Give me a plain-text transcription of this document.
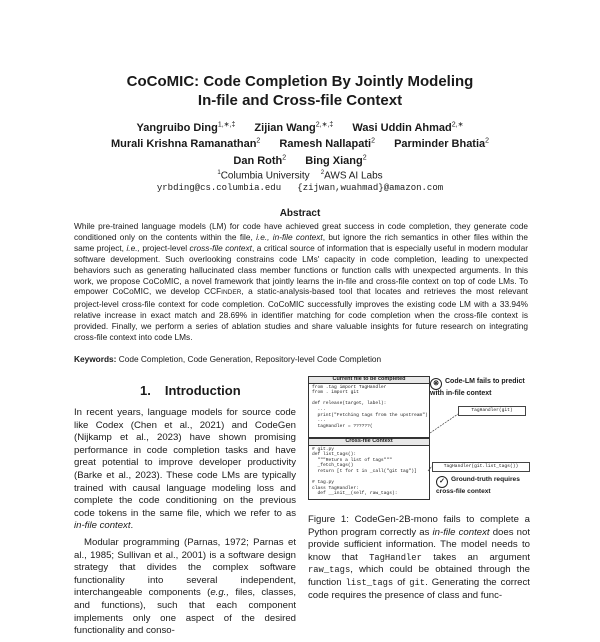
CoCoMIC: Code Completion By Jointly Modeling
In-file and Cross-file Context
Yangruibo Ding$^{1,∗,\ddagger}$ Zijian Wang$^{2,∗,\ddagger}$ Wasi Uddin Ahmad$^{2,∗}$
Murali Krishna Ramanathan$^2$ Ramesh Nallapati$^2$ Parminder Bhatia$^2$
Dan Roth$^2$ Bing Xiang$^2$
$^1$Columbia University $^2$AWS AI Labs
yrbding@cs.columbia.edu   {zijwan,wuahmad}@amazon.com
Abstract
While pre-trained language models (LM) for code have achieved great success in code completion, they generate code conditioned only on the contents within the file, i.e., in-file context, but ignore the rich semantics in other files within the same project, i.e., project-level cross-file context, a critical source of information that is especially useful in modern modular software development. Such overlooking constrains code LMs' capacity in code completion, leading to unexpected behaviors such as generating hallucinated class member functions or function calls with unexpected arguments. In this work, we propose CoCoMIC, a novel framework that jointly learns the in-file and cross-file context on top of code LMs. To empower CoCoMIC, we develop CCFINDER, a static-analysis-based tool that locates and retrieves the most relevant project-level cross-file context for code completion. CoCoMIC successfully improves the existing code LM with a 33.94% relative increase in exact match and 28.69% in identifier matching for code completion when the cross-file context is provided. Finally, we perform a series of ablation studies and share valuable insights for future research on integrating cross-file context into code LMs.
Keywords: Code Completion, Code Generation, Repository-level Code Completion
1. Introduction

In recent years, language models for source code like Codex (Chen et al., 2021) and CodeGen (Nijkamp et al., 2023) have shown promising performance in code completion tasks and have great potential to improve developer productivity (Barke et al., 2023). These code LMs are typically trained with causal language modeling loss and complete the code conditioning on the previous code tokens in the same file, which we refer to as in-file context.

Modular programming (Parnas, 1972; Parnas et al., 1985; Sullivan et al., 2001) is a software design strategy that divides the complex software functionality into several independent, interchangeable components (e.g., files, classes, and functions), such that each component implements only one aspect of the desired functionality and conso-

Current file to be completed
from .tag import TagHandler
from . import git

def release(target, label):
...
print("Fetching tags from the upstream")
...
tagHandler = ??????(
Cross-file Context
# git.py
def list_tags():
"""Return a list of tags"""
_fetch_tags()
return [t for t in _call("git tag")]

# tag.py
class TagHandler:
def __init__(self, raw_tags):
⊗ Code-LM fails to predict with in-file context
TagHandler(git)
TagHandler(git.list_tags())
✓ Ground-truth requires cross-file context
Figure 1: CodeGen-2B-mono fails to complete a Python program correctly as in-file context does not provide sufficient information. The model needs to know that TagHandler takes an argument raw_tags, which could be obtained through the function list_tags of git. Generating the correct code requires the presence of class and func-
